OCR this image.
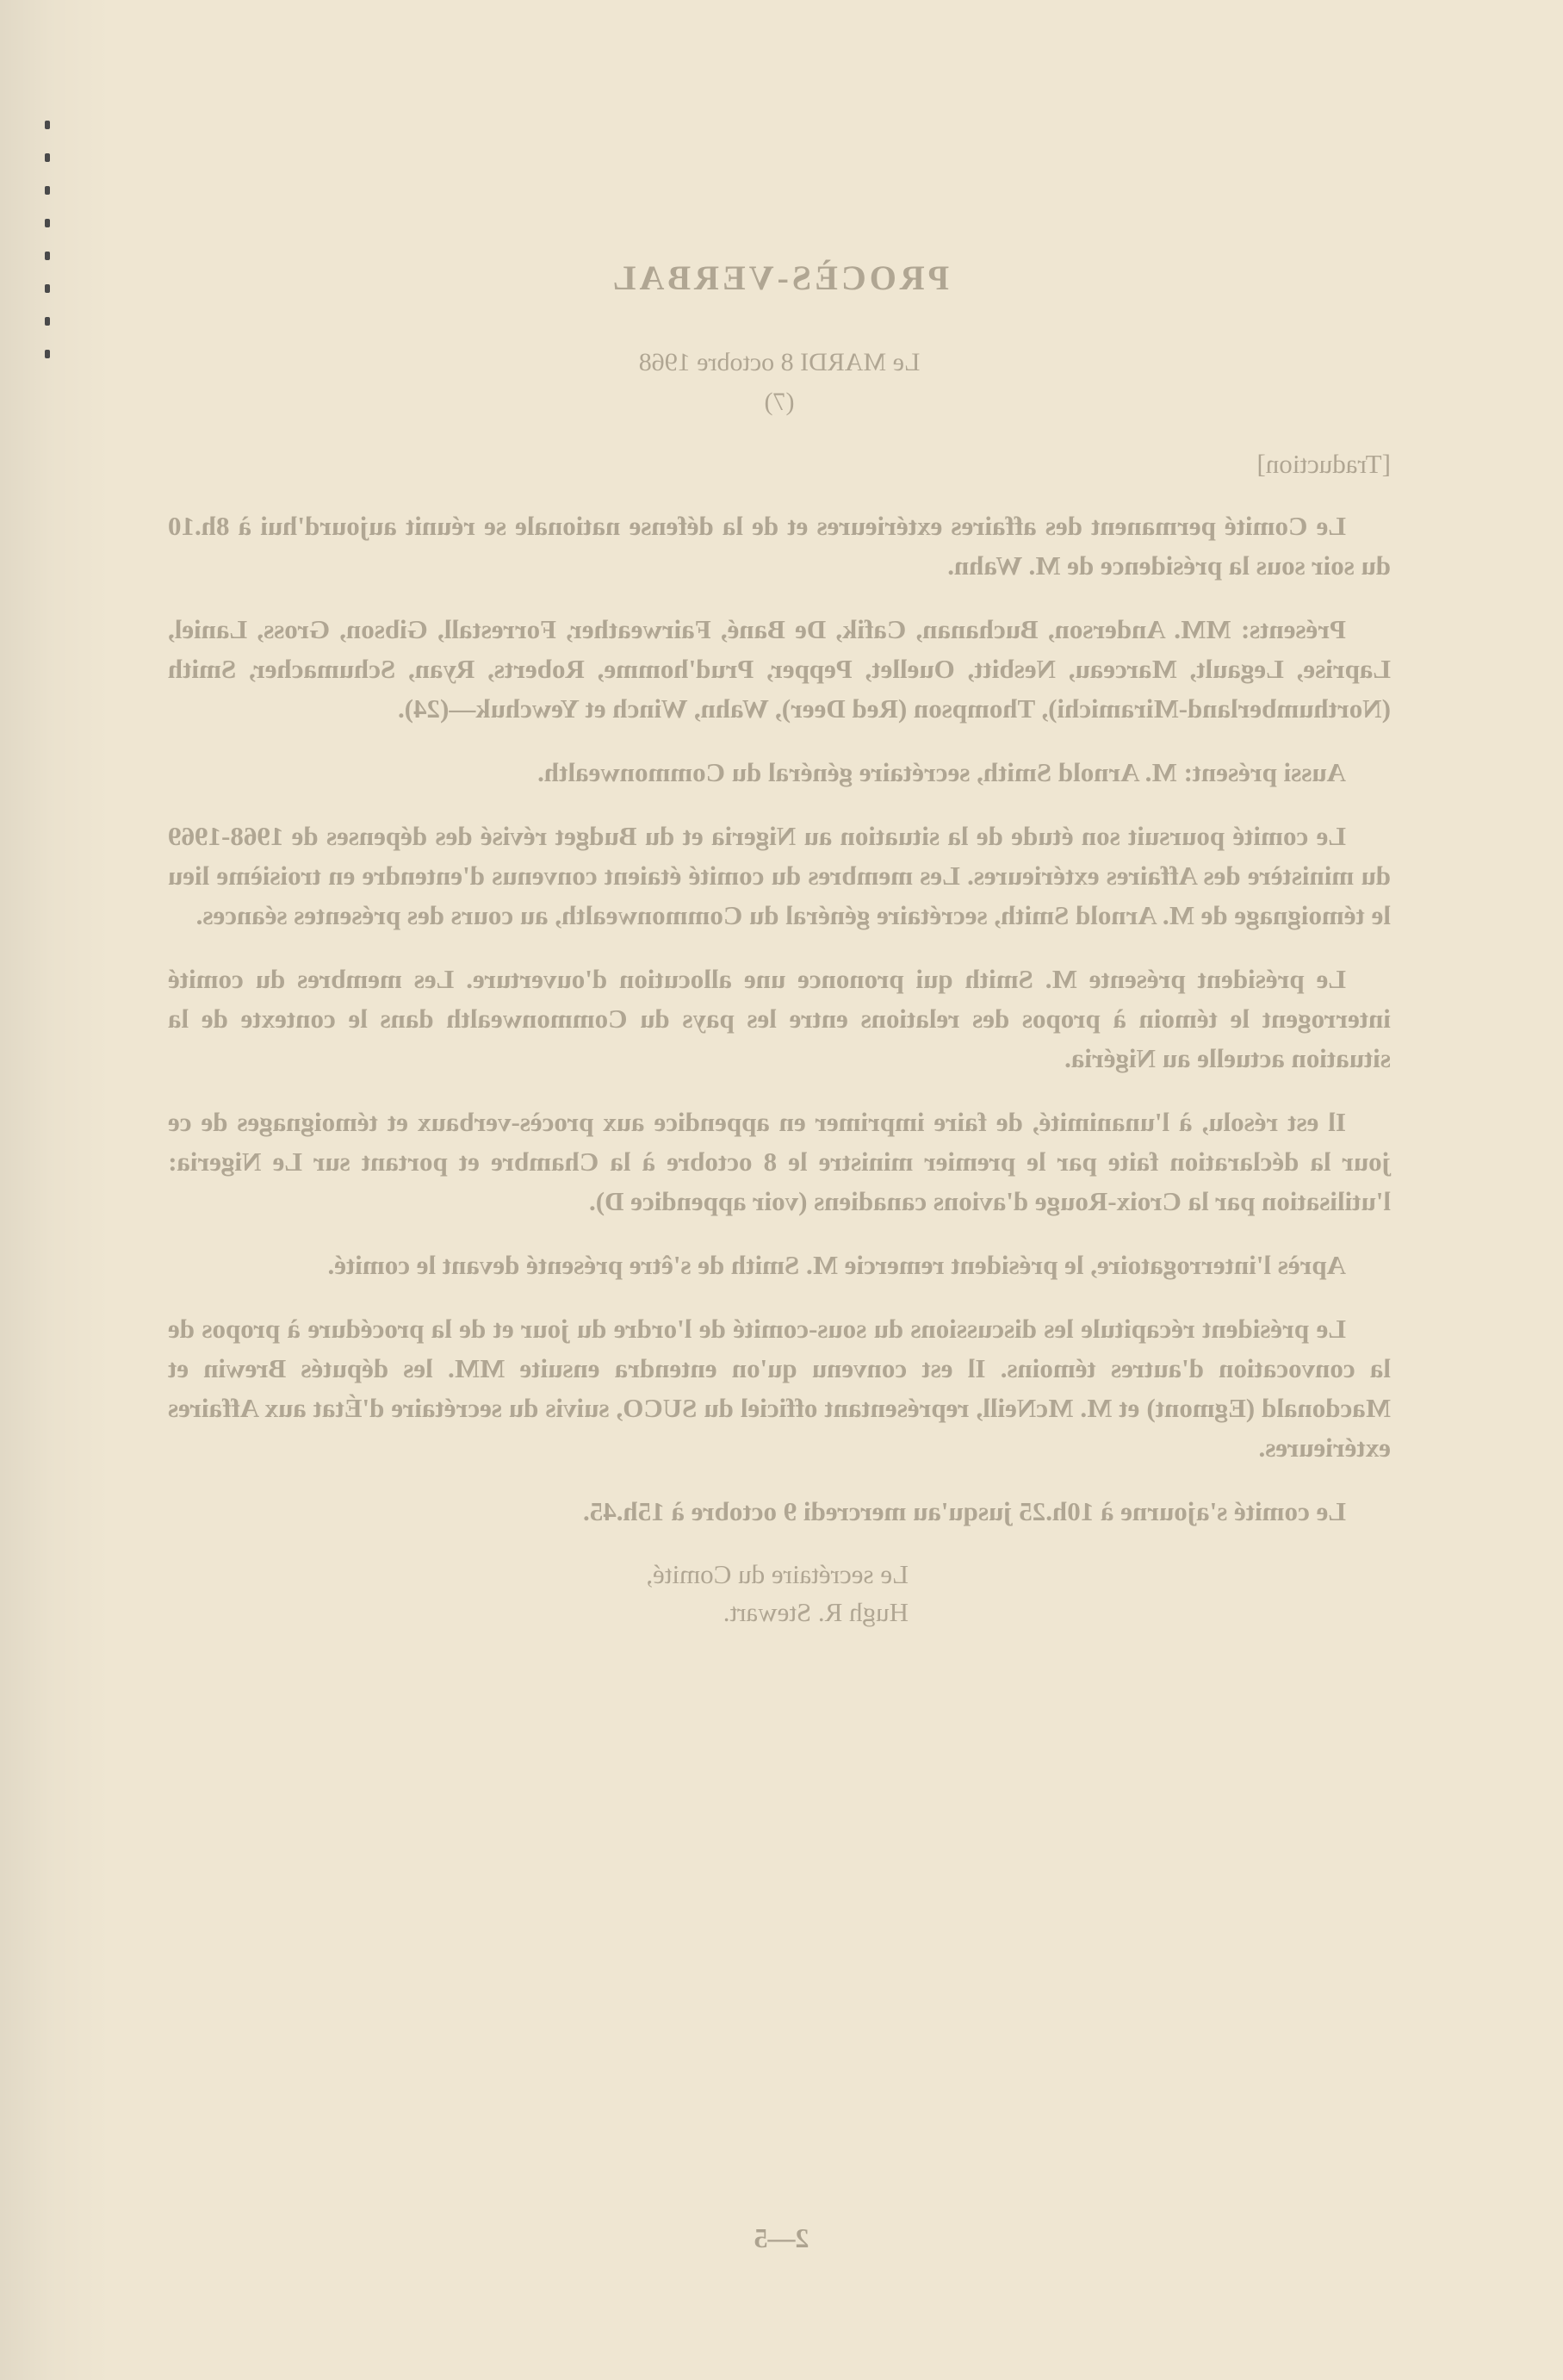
PROCÈS-VERBAL

Le MARDI 8 octobre 1968

(7)

[Traduction]

Le Comité permanent des affaires extérieures et de la défense nationale se réunit aujourd'hui à 8h.10 du soir sous la présidence de M. Wahn.

Présents: MM. Anderson, Buchanan, Cafik, De Bané, Fairweather, Forrestall, Gibson, Gross, Laniel, Laprise, Legault, Marceau, Nesbitt, Ouellet, Pepper, Prud'homme, Roberts, Ryan, Schumacher, Smith (Northumberland-Miramichi), Thompson (Red Deer), Wahn, Winch et Yewchuk—(24).

Aussi présent: M. Arnold Smith, secrétaire général du Commonwealth.

Le comité poursuit son étude de la situation au Nigeria et du Budget révisé des dépenses de 1968-1969 du ministère des Affaires extérieures. Les membres du comité étaient convenus d'entendre en troisième lieu le témoignage de M. Arnold Smith, secrétaire général du Commonwealth, au cours des présentes séances.

Le président présente M. Smith qui prononce une allocution d'ouverture. Les membres du comité interrogent le témoin à propos des relations entre les pays du Commonwealth dans le contexte de la situation actuelle au Nigéria.

Il est résolu, à l'unanimité, de faire imprimer en appendice aux procès-verbaux et témoignages de ce jour la déclaration faite par le premier ministre le 8 octobre à la Chambre et portant sur Le Nigeria: l'utilisation par la Croix-Rouge d'avions canadiens (voir appendice D).

Après l'interrogatoire, le président remercie M. Smith de s'être présenté devant le comité.

Le président récapitule les discussions du sous-comité de l'ordre du jour et de la procédure à propos de la convocation d'autres témoins. Il est convenu qu'on entendra ensuite MM. les députés Brewin et Macdonald (Egmont) et M. McNeill, représentant officiel du SUCO, suivis du secrétaire d'État aux Affaires extérieures.

Le comité s'ajourne à 10h.25 jusqu'au mercredi 9 octobre à 15h.45.

Le secrétaire du Comité,
Hugh R. Stewart.
2—5
